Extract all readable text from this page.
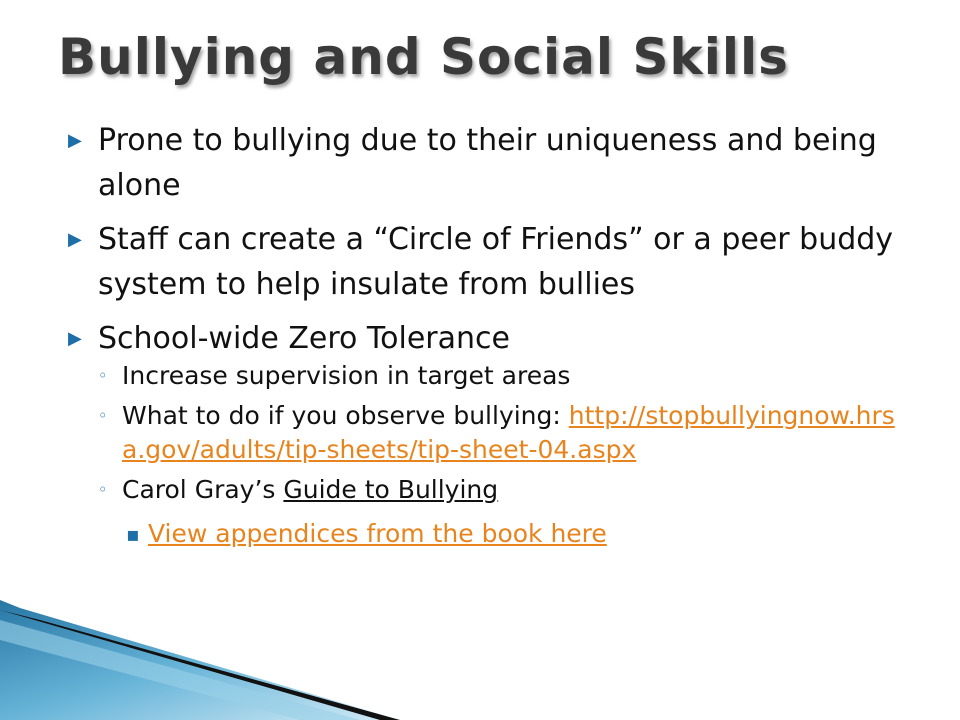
Bullying and Social Skills
▶ Prone to bullying due to their uniqueness and being alone
▶ Staff can create a “Circle of Friends” or a peer buddy system to help insulate from bullies
▶ School-wide Zero Tolerance
◦ Increase supervision in target areas
◦ What to do if you observe bullying: http://stopbullyingnow.hrsa.gov/adults/tip-sheets/tip-sheet-04.aspx
◦ Carol Gray’s Guide to Bullying
▪ View appendices from the book here
